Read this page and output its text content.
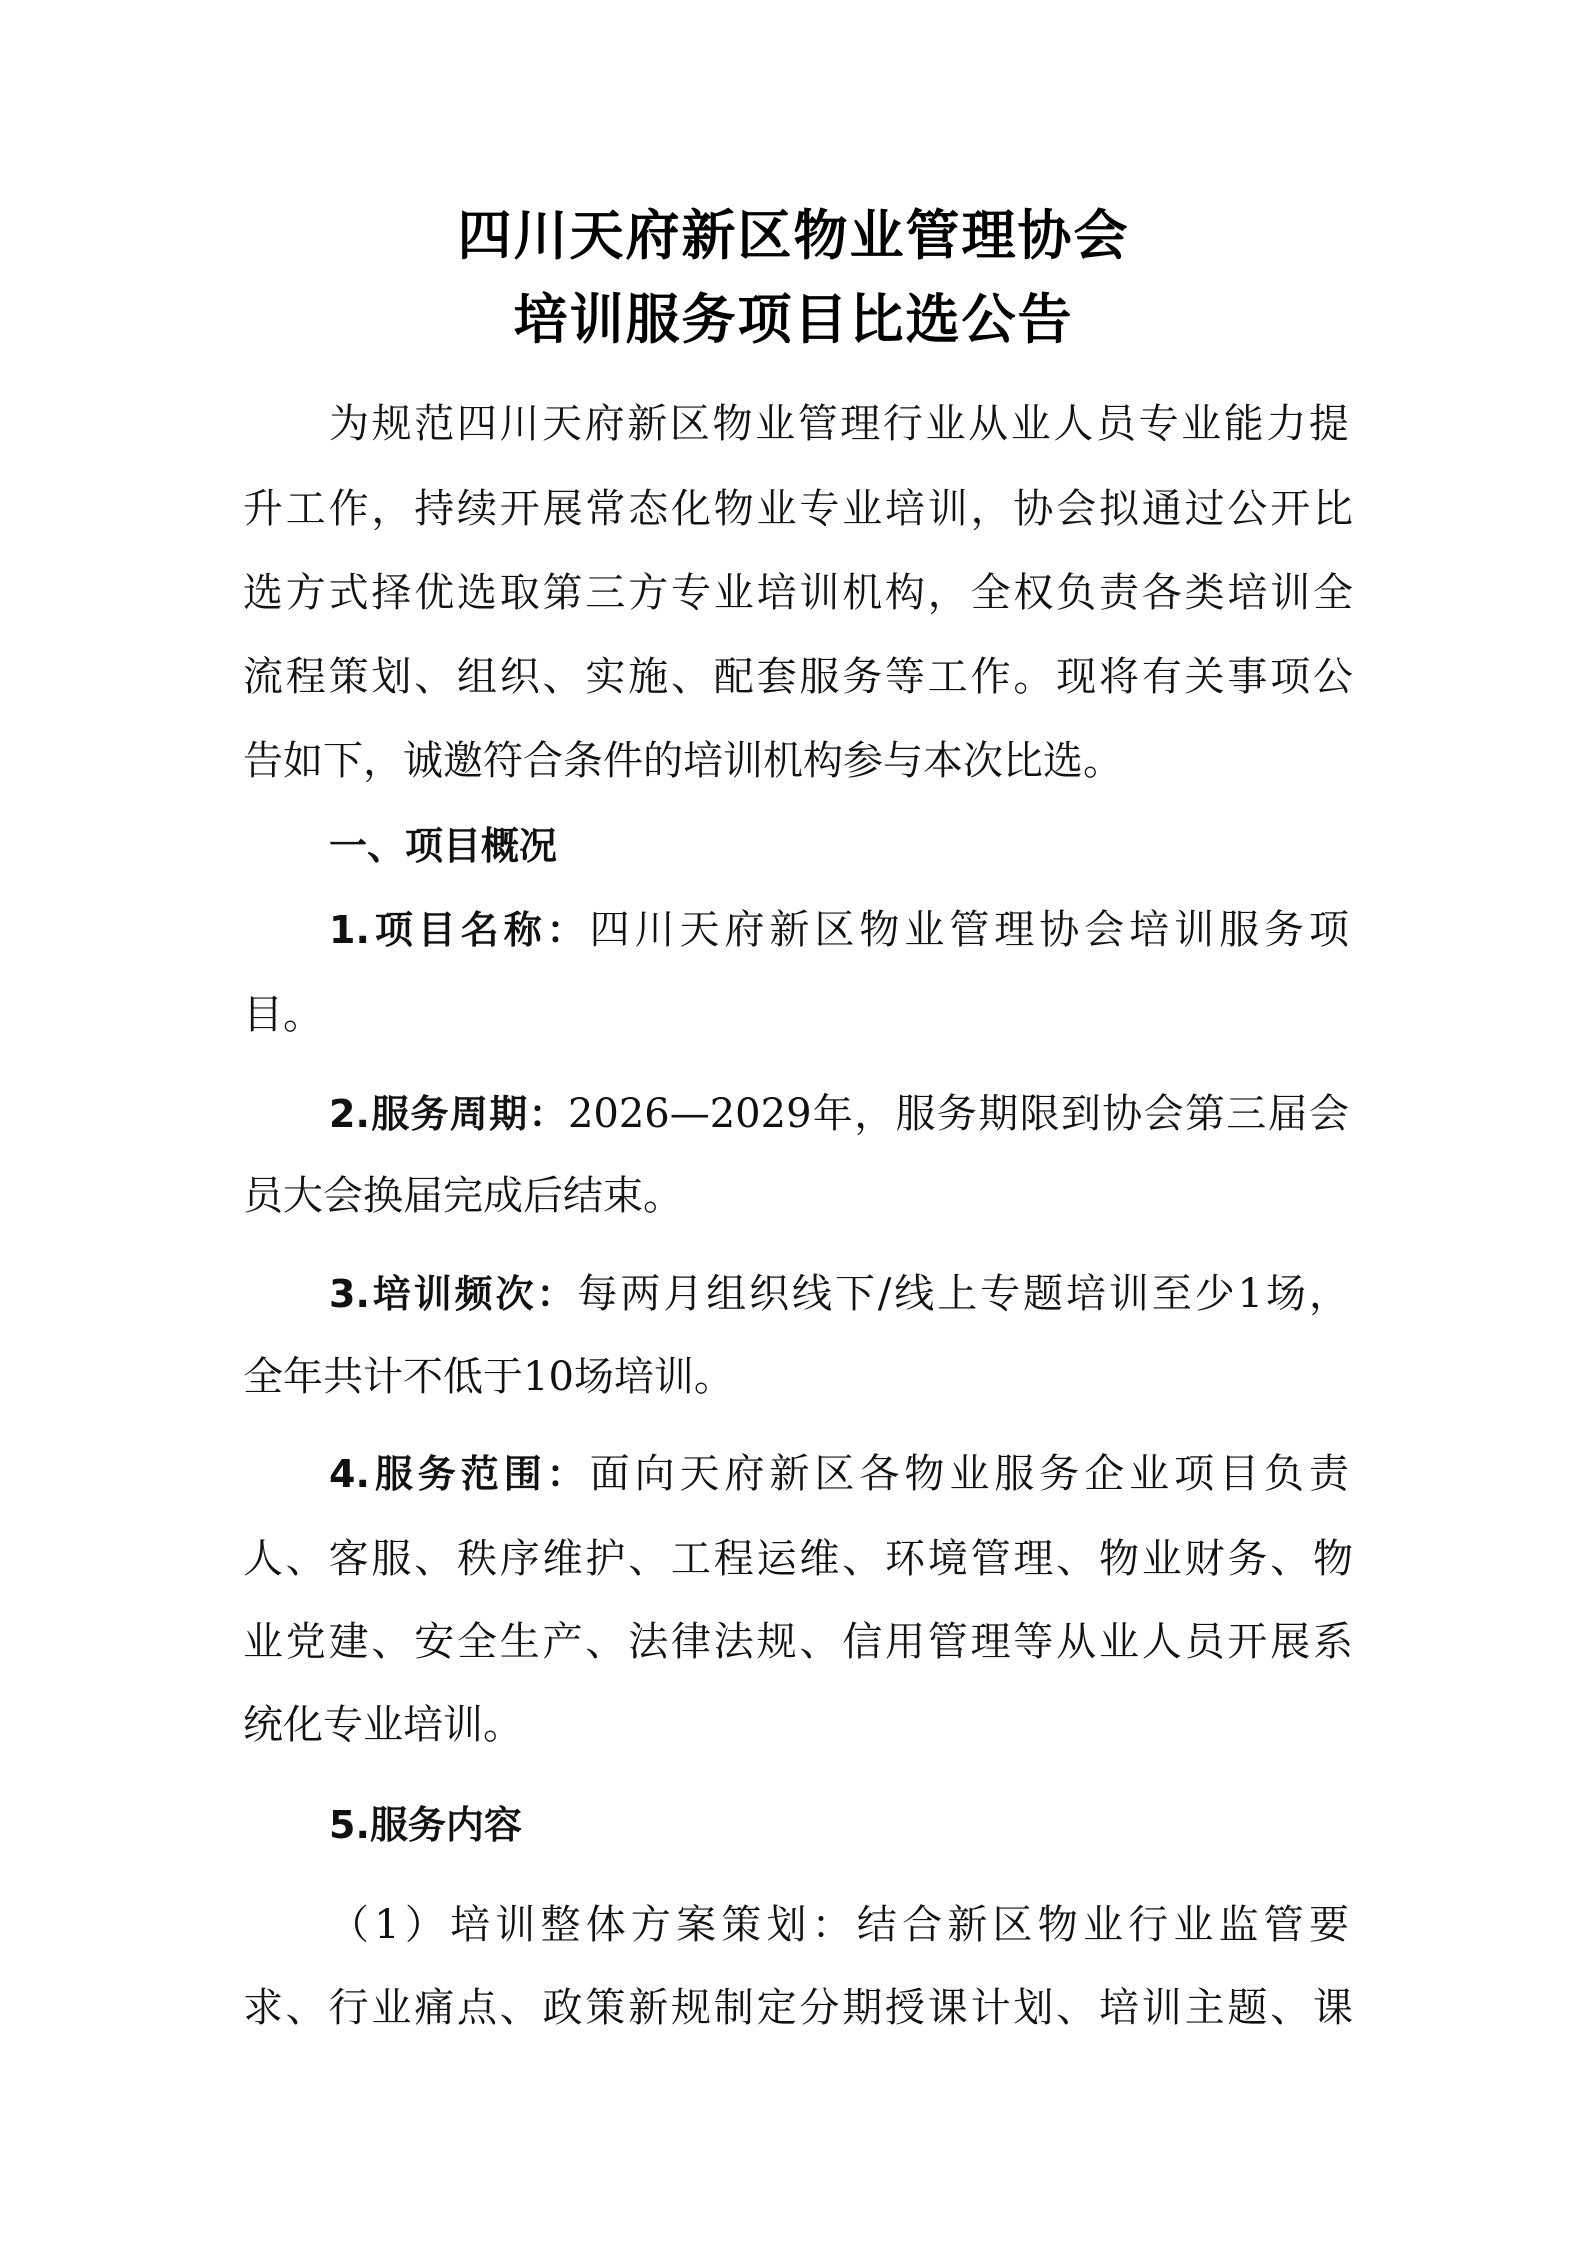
四川天府新区物业管理协会
培训服务项目比选公告
为规范四川天府新区物业管理行业从业人员专业能力提
升工作，持续开展常态化物业专业培训，协会拟通过公开比
选方式择优选取第三方专业培训机构，全权负责各类培训全
流程策划、组织、实施、配套服务等工作。现将有关事项公
告如下，诚邀符合条件的培训机构参与本次比选。
一、项目概况
1.项目名称：四川天府新区物业管理协会培训服务项
目。
2.服务周期：2026—2029年，服务期限到协会第三届会
员大会换届完成后结束。
3.培训频次：每两月组织线下/线上专题培训至少1场，
全年共计不低于10场培训。
4.服务范围：面向天府新区各物业服务企业项目负责
人、客服、秩序维护、工程运维、环境管理、物业财务、物
业党建、安全生产、法律法规、信用管理等从业人员开展系
统化专业培训。
5.服务内容
（1）培训整体方案策划：结合新区物业行业监管要
求、行业痛点、政策新规制定分期授课计划、培训主题、课
